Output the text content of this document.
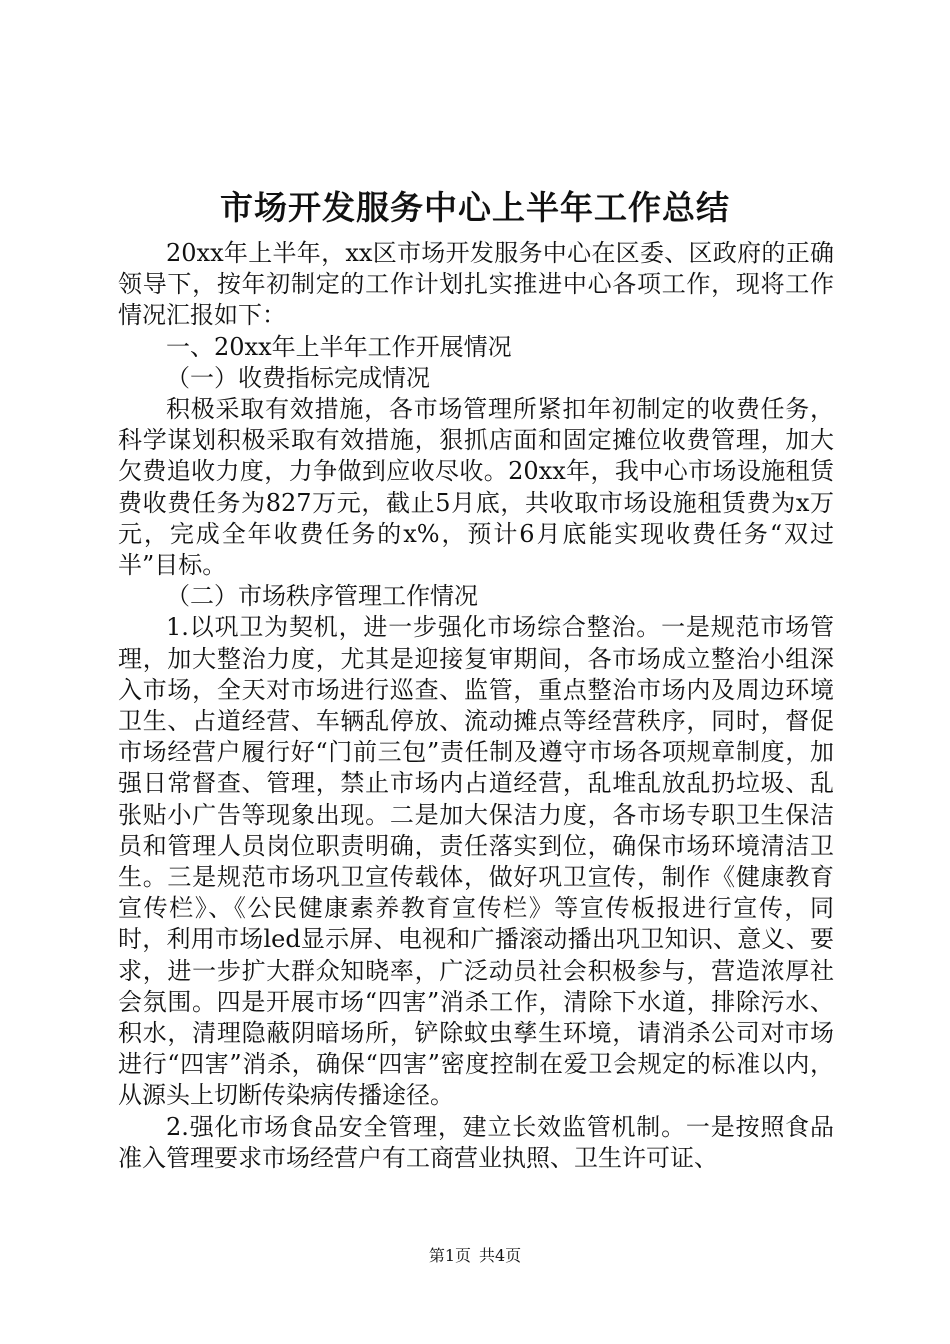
市场开发服务中心上半年工作总结

20xx年上半年，xx区市场开发服务中心在区委、区政府的正确领导下，按年初制定的工作计划扎实推进中心各项工作，现将工作情况汇报如下：

一、20xx年上半年工作开展情况

（一）收费指标完成情况

积极采取有效措施，各市场管理所紧扣年初制定的收费任务，科学谋划积极采取有效措施，狠抓店面和固定摊位收费管理，加大欠费追收力度，力争做到应收尽收。20xx年，我中心市场设施租赁费收费任务为827万元，截止5月底，共收取市场设施租赁费为x万元，完成全年收费任务的x%，预计6月底能实现收费任务“双过半”目标。

（二）市场秩序管理工作情况

1.以巩卫为契机，进一步强化市场综合整治。一是规范市场管理，加大整治力度，尤其是迎接复审期间，各市场成立整治小组深入市场，全天对市场进行巡查、监管，重点整治市场内及周边环境卫生、占道经营、车辆乱停放、流动摊点等经营秩序，同时，督促市场经营户履行好“门前三包”责任制及遵守市场各项规章制度，加强日常督查、管理，禁止市场内占道经营，乱堆乱放乱扔垃圾、乱张贴小广告等现象出现。二是加大保洁力度，各市场专职卫生保洁员和管理人员岗位职责明确，责任落实到位，确保市场环境清洁卫生。三是规范市场巩卫宣传载体，做好巩卫宣传，制作《健康教育宣传栏》、《公民健康素养教育宣传栏》等宣传板报进行宣传，同时，利用市场led显示屏、电视和广播滚动播出巩卫知识、意义、要求，进一步扩大群众知晓率，广泛动员社会积极参与，营造浓厚社会氛围。四是开展市场“四害”消杀工作，清除下水道，排除污水、积水，清理隐蔽阴暗场所，铲除蚊虫孳生环境，请消杀公司对市场进行“四害”消杀，确保“四害”密度控制在爱卫会规定的标准以内，从源头上切断传染病传播途径。

2.强化市场食品安全管理，建立长效监管机制。一是按照食品准入管理要求市场经营户有工商营业执照、卫生许可证、

第1页 共4页
